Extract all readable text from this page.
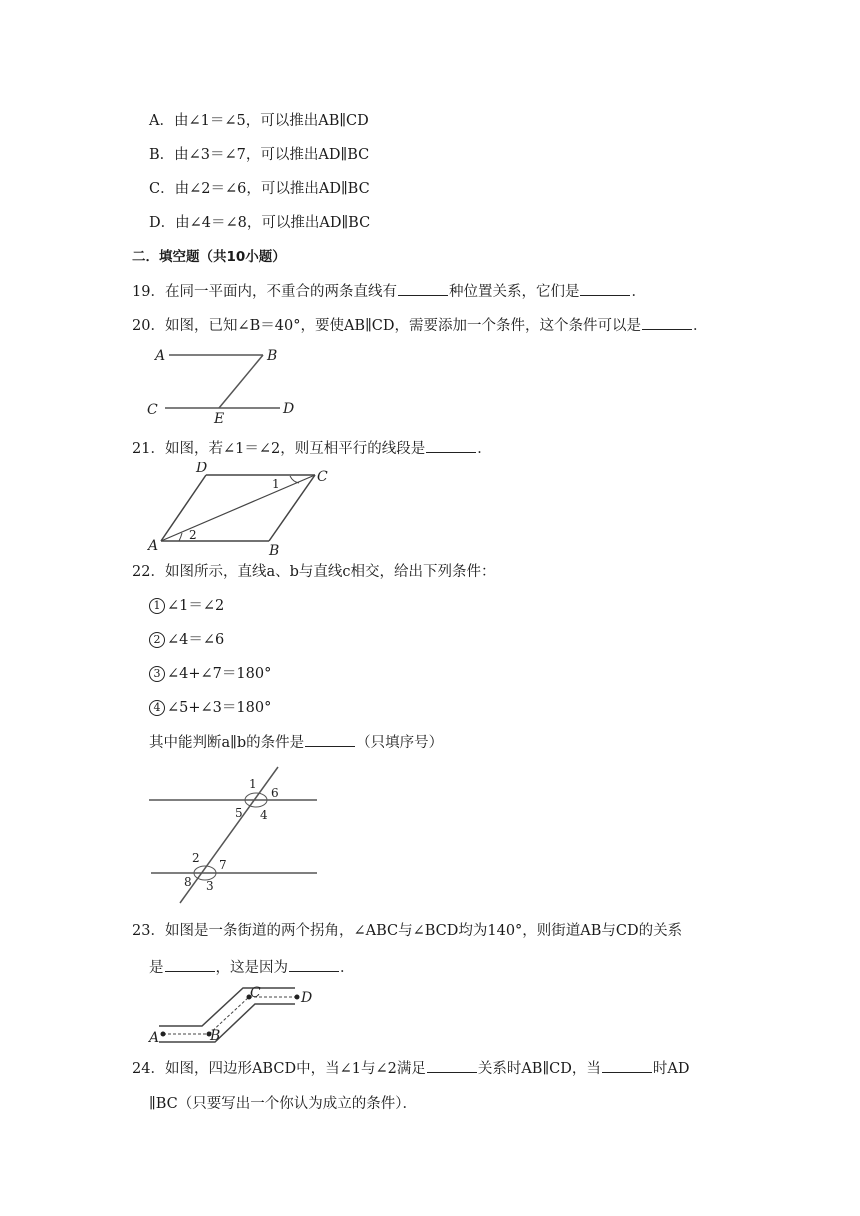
A．由∠1＝∠5，可以推出AB∥CD
B．由∠3＝∠7，可以推出AD∥BC
C．由∠2＝∠6，可以推出AD∥BC
D．由∠4＝∠8，可以推出AD∥BC
二．填空题（共10小题）
19．在同一平面内，不重合的两条直线有	种位置关系，它们是	．
20．如图，已知∠B＝40°，要使AB∥CD，需要添加一个条件，这个条件可以是	．
A	B
C	D
E
21．如图，若∠1＝∠2，则互相平行的线段是	．
D
C
A	B
1
2
22．如图所示，直线a、b与直线c相交，给出下列条件：
1 ∠1＝∠2
2 ∠4＝∠6
3 ∠4+∠7＝180°
4 ∠5+∠3＝180°
其中能判断a∥b的条件是	（只填序号）
1
6
5 4
2 7
8 3
23．如图是一条街道的两个拐角，∠ABC与∠BCD均为140°，则街道AB与CD的关系
是	，这是因为	．
A	B
C	D
24．如图，四边形ABCD中，当∠1与∠2满足	关系时AB∥CD，当	时AD
∥BC（只要写出一个你认为成立的条件）．
